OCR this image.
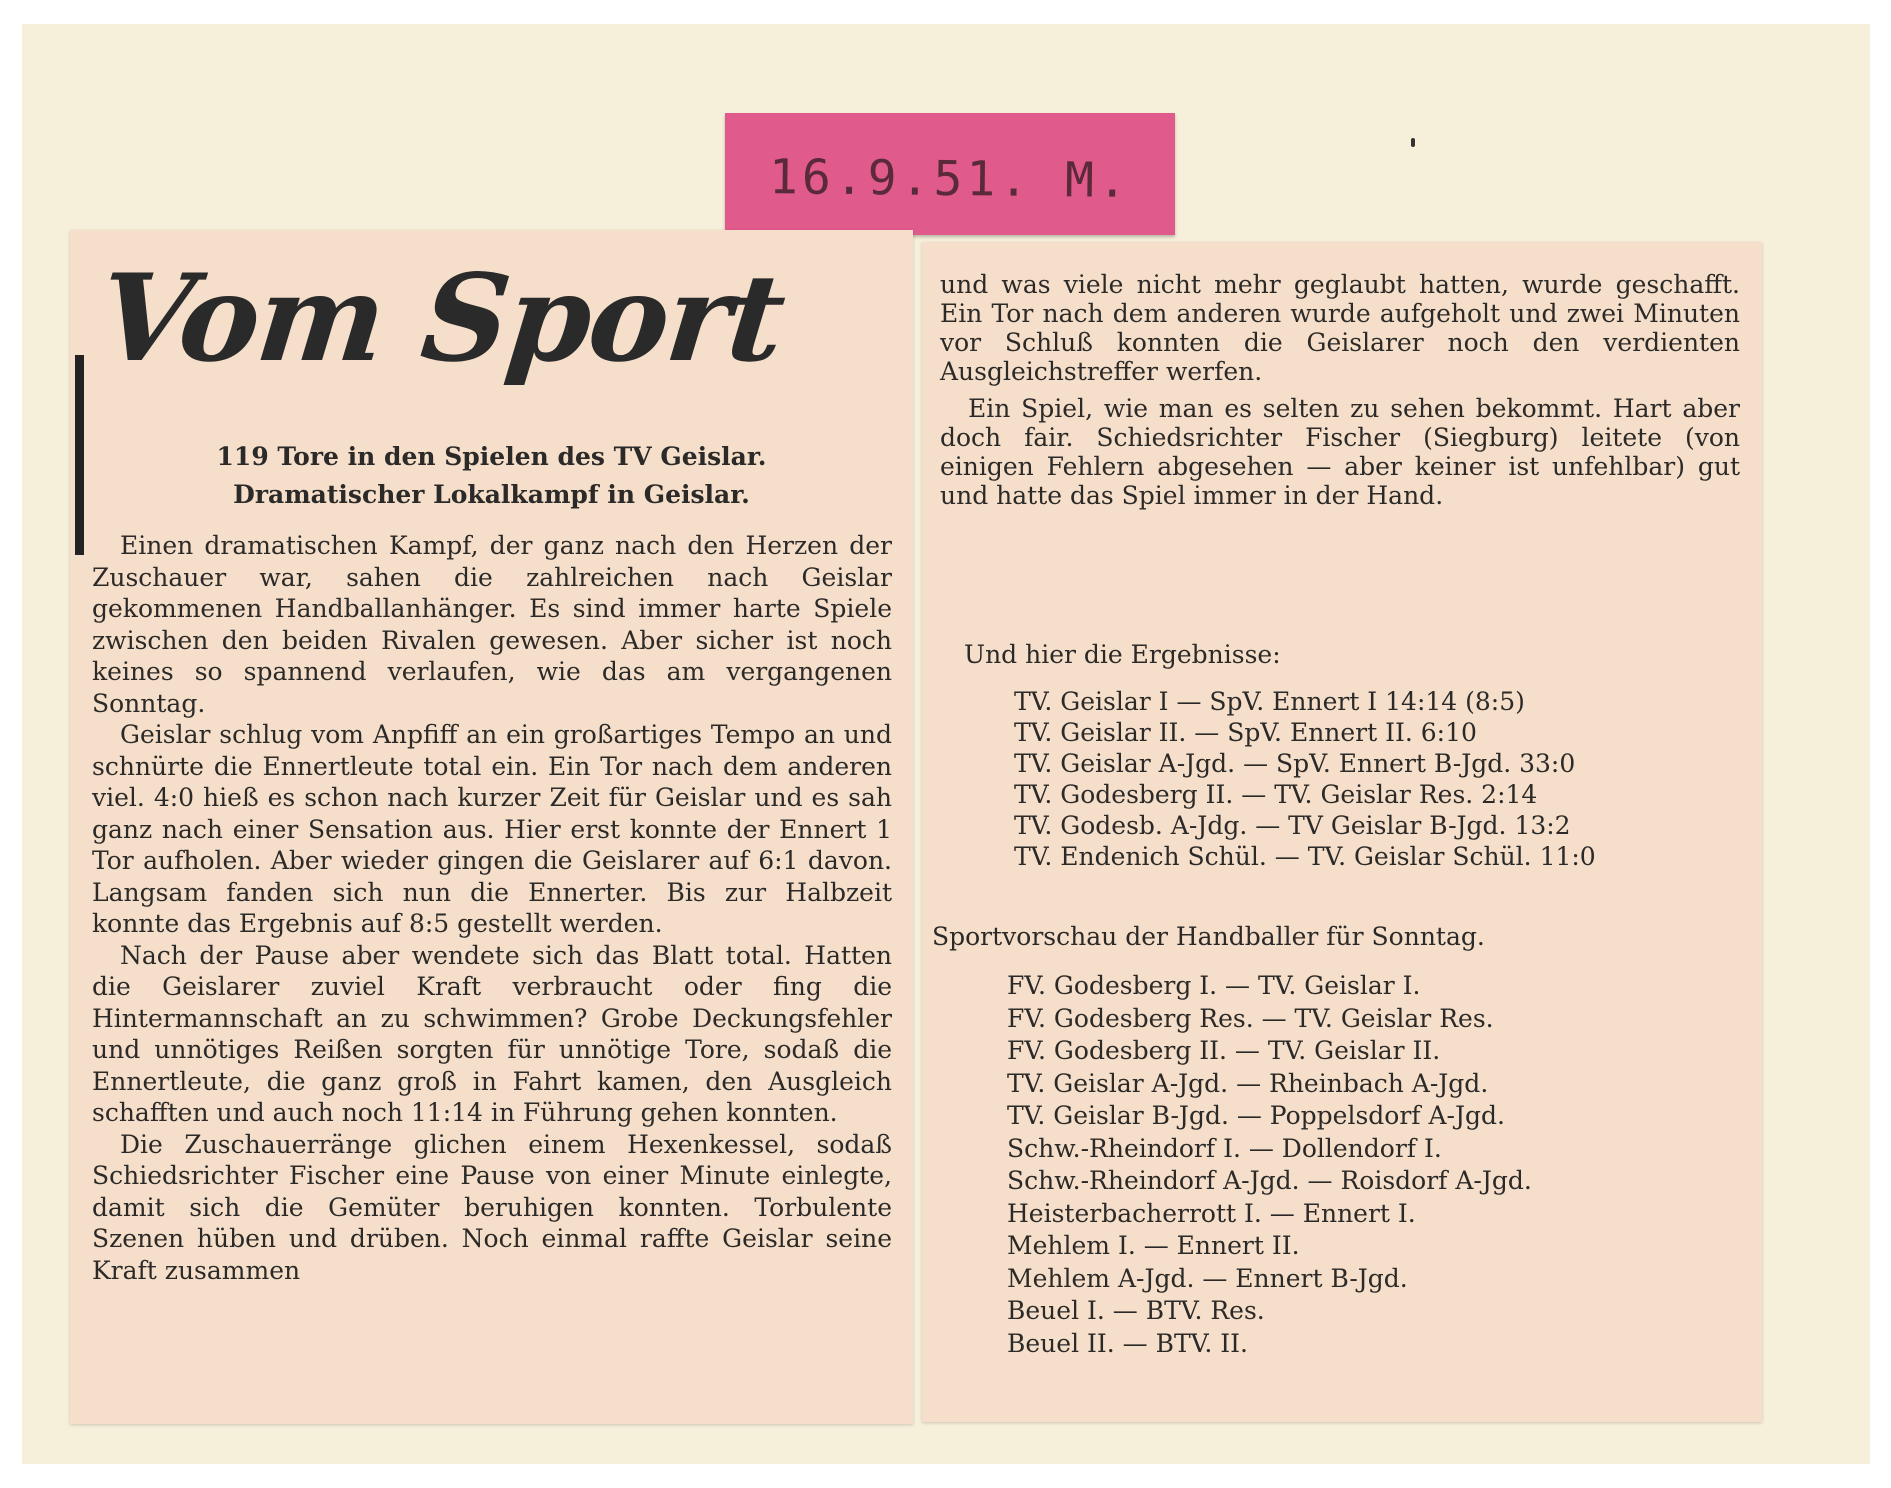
16.9.51. M.
Vom Sport
119 Tore in den Spielen des TV Geislar.
Dramatischer Lokalkampf in Geislar.

Einen dramatischen Kampf, der ganz nach den Herzen der Zuschauer war, sahen die zahlreichen nach Geislar gekommenen Handballanhänger. Es sind immer harte Spiele zwischen den beiden Rivalen gewesen. Aber sicher ist noch keines so spannend verlaufen, wie das am vergangenen Sonntag.

Geislar schlug vom Anpfiff an ein großartiges Tempo an und schnürte die Ennertleute total ein. Ein Tor nach dem anderen viel. 4:0 hieß es schon nach kurzer Zeit für Geislar und es sah ganz nach einer Sensation aus. Hier erst konnte der Ennert 1 Tor aufholen. Aber wieder gingen die Geislarer auf 6:1 davon. Langsam fanden sich nun die Ennerter. Bis zur Halbzeit konnte das Ergebnis auf 8:5 gestellt werden.

Nach der Pause aber wendete sich das Blatt total. Hatten die Geislarer zuviel Kraft verbraucht oder fing die Hintermannschaft an zu schwimmen? Grobe Deckungsfehler und unnötiges Reißen sorgten für unnötige Tore, sodaß die Ennertleute, die ganz groß in Fahrt kamen, den Ausgleich schafften und auch noch 11:14 in Führung gehen konnten.

Die Zuschauerränge glichen einem Hexenkessel, sodaß Schiedsrichter Fischer eine Pause von einer Minute einlegte, damit sich die Gemüter beruhigen konnten. Torbulente Szenen hüben und drüben. Noch einmal raffte Geislar seine Kraft zusammen

und was viele nicht mehr geglaubt hatten, wurde geschafft. Ein Tor nach dem anderen wurde aufgeholt und zwei Minuten vor Schluß konnten die Geislarer noch den verdienten Ausgleichstreffer werfen.

Ein Spiel, wie man es selten zu sehen bekommt. Hart aber doch fair. Schiedsrichter Fischer (Siegburg) leitete (von einigen Fehlern abgesehen — aber keiner ist unfehlbar) gut und hatte das Spiel immer in der Hand.

Und hier die Ergebnisse:
TV. Geislar I — SpV. Ennert I 14:14 (8:5)
TV. Geislar II. — SpV. Ennert II. 6:10
TV. Geislar A-Jgd. — SpV. Ennert B-Jgd. 33:0
TV. Godesberg II. — TV. Geislar Res. 2:14
TV. Godesb. A-Jdg. — TV Geislar B-Jgd. 13:2
TV. Endenich Schül. — TV. Geislar Schül. 11:0
Sportvorschau der Handballer für Sonntag.
FV. Godesberg I. — TV. Geislar I.
FV. Godesberg Res. — TV. Geislar Res.
FV. Godesberg II. — TV. Geislar II.
TV. Geislar A-Jgd. — Rheinbach A-Jgd.
TV. Geislar B-Jgd. — Poppelsdorf A-Jgd.
Schw.-Rheindorf I. — Dollendorf I.
Schw.-Rheindorf A-Jgd. — Roisdorf A-Jgd.
Heisterbacherrott I. — Ennert I.
Mehlem I. — Ennert II.
Mehlem A-Jgd. — Ennert B-Jgd.
Beuel I. — BTV. Res.
Beuel II. — BTV. II.
